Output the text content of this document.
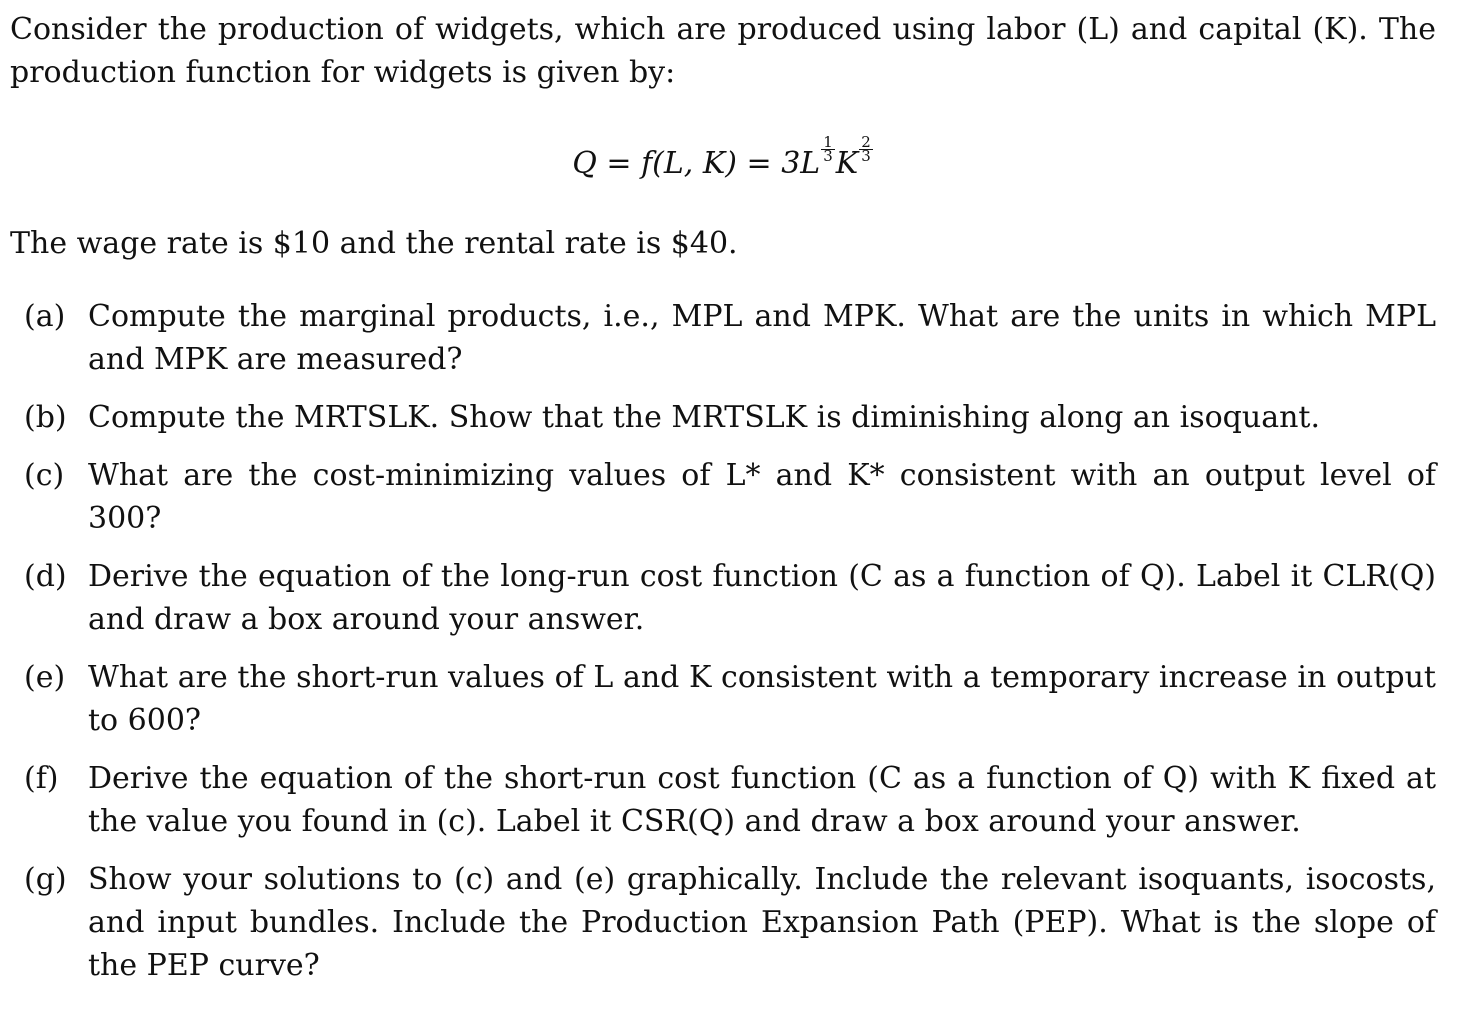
Consider the production of widgets, which are produced using labor (L) and capital (K). The production function for widgets is given by:

Q = f(L, $K) = 3L \frac{1}{3}$ K $\frac{2}{3}$

The wage rate is $10 and the rental rate is $40.

(a) Compute the marginal products, i.e., MPL and MPK. What are the units in which MPL and MPK are measured?
(b) Compute the MRTSLK. Show that the MRTSLK is diminishing along an isoquant.
(c) What are the cost-minimizing values of L* and K* consistent with an output level of 300?
(d) Derive the equation of the long-run cost function (C as a function of Q). Label it CLR(Q) and draw a box around your answer.
(e) What are the short-run values of L and K consistent with a temporary increase in output to 600?
(f) Derive the equation of the short-run cost function (C as a function of Q) with K fixed at the value you found in (c). Label it CSR(Q) and draw a box around your answer.
(g) Show your solutions to (c) and (e) graphically. Include the relevant isoquants, isocosts, and input bundles. Include the Production Expansion Path (PEP). What is the slope of the PEP curve?
